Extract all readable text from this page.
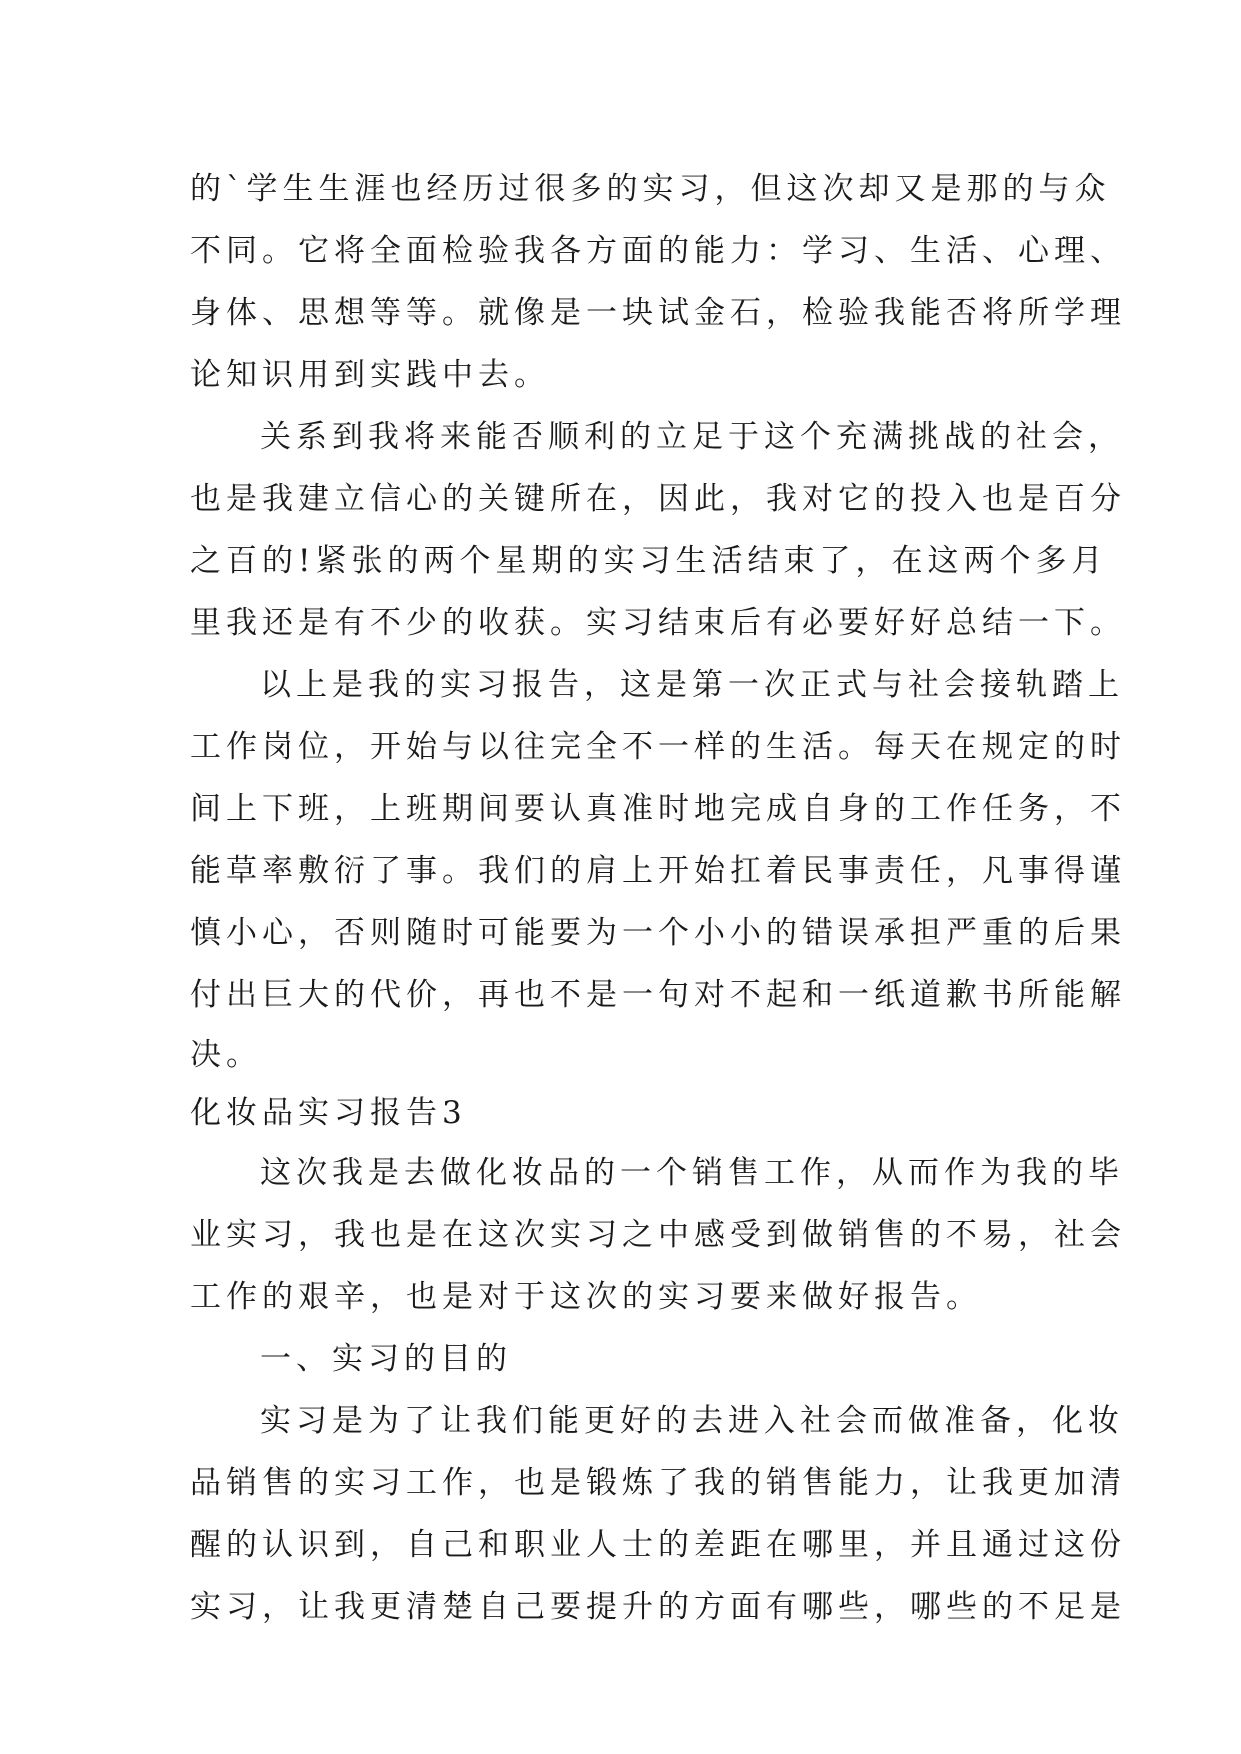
的`学生生涯也经历过很多的实习，但这次却又是那的与众
不同。它将全面检验我各方面的能力：学习、生活、心理、
身体、思想等等。就像是一块试金石，检验我能否将所学理
论知识用到实践中去。
关系到我将来能否顺利的立足于这个充满挑战的社会，
也是我建立信心的关键所在，因此，我对它的投入也是百分
之百的!紧张的两个星期的实习生活结束了，在这两个多月
里我还是有不少的收获。实习结束后有必要好好总结一下。
以上是我的实习报告，这是第一次正式与社会接轨踏上
工作岗位，开始与以往完全不一样的生活。每天在规定的时
间上下班，上班期间要认真准时地完成自身的工作任务，不
能草率敷衍了事。我们的肩上开始扛着民事责任，凡事得谨
慎小心，否则随时可能要为一个小小的错误承担严重的后果
付出巨大的代价，再也不是一句对不起和一纸道歉书所能解
决。
化妆品实习报告3
这次我是去做化妆品的一个销售工作，从而作为我的毕
业实习，我也是在这次实习之中感受到做销售的不易，社会
工作的艰辛，也是对于这次的实习要来做好报告。
一、实习的目的
实习是为了让我们能更好的去进入社会而做准备，化妆
品销售的实习工作，也是锻炼了我的销售能力，让我更加清
醒的认识到，自己和职业人士的差距在哪里，并且通过这份
实习，让我更清楚自己要提升的方面有哪些，哪些的不足是
